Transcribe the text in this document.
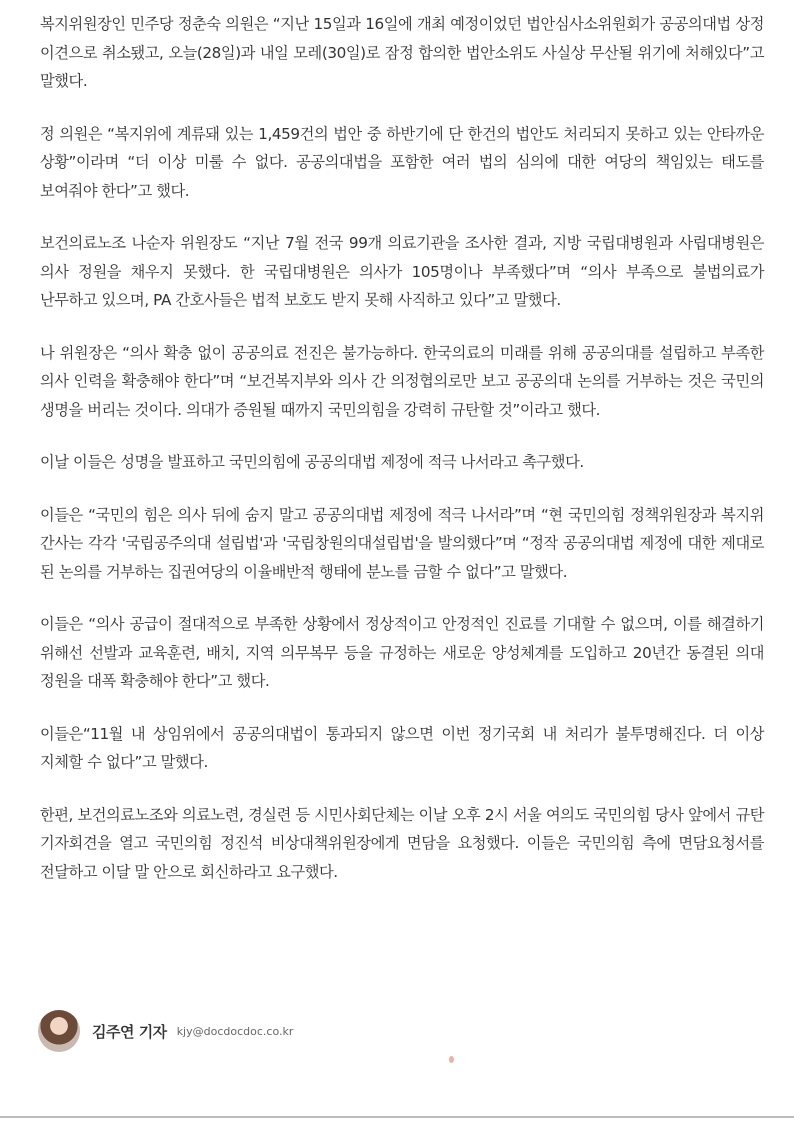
복지위원장인 민주당 정춘숙 의원은 “지난 15일과 16일에 개최 예정이었던 법안심사소위원회가 공공의대법 상정 이견으로 취소됐고, 오늘(28일)과 내일 모레(30일)로 잠정 합의한 법안소위도 사실상 무산될 위기에 처해있다”고 말했다.

정 의원은 “복지위에 계류돼 있는 1,459건의 법안 중 하반기에 단 한건의 법안도 처리되지 못하고 있는 안타까운 상황”이라며 “더 이상 미룰 수 없다. 공공의대법을 포함한 여러 법의 심의에 대한 여당의 책임있는 태도를 보여줘야 한다”고 했다.

보건의료노조 나순자 위원장도 “지난 7월 전국 99개 의료기관을 조사한 결과, 지방 국립대병원과 사립대병원은 의사 정원을 채우지 못했다. 한 국립대병원은 의사가 105명이나 부족했다”며 “의사 부족으로 불법의료가 난무하고 있으며, PA 간호사들은 법적 보호도 받지 못해 사직하고 있다”고 말했다.

나 위원장은 “의사 확충 없이 공공의료 전진은 불가능하다. 한국의료의 미래를 위해 공공의대를 설립하고 부족한 의사 인력을 확충해야 한다”며 “보건복지부와 의사 간 의정협의로만 보고 공공의대 논의를 거부하는 것은 국민의 생명을 버리는 것이다. 의대가 증원될 때까지 국민의힘을 강력히 규탄할 것”이라고 했다.

이날 이들은 성명을 발표하고 국민의힘에 공공의대법 제정에 적극 나서라고 촉구했다.

이들은 “국민의 힘은 의사 뒤에 숨지 말고 공공의대법 제정에 적극 나서라”며 “현 국민의힘 정책위원장과 복지위 간사는 각각 '국립공주의대 설립법'과 '국립창원의대설립법'을 발의했다”며 “정작 공공의대법 제정에 대한 제대로 된 논의를 거부하는 집권여당의 이율배반적 행태에 분노를 금할 수 없다”고 말했다.

이들은 “의사 공급이 절대적으로 부족한 상황에서 정상적이고 안정적인 진료를 기대할 수 없으며, 이를 해결하기 위해선 선발과 교육훈련, 배치, 지역 의무복무 등을 규정하는 새로운 양성체계를 도입하고 20년간 동결된 의대 정원을 대폭 확충해야 한다”고 했다.

이들은“11월 내 상임위에서 공공의대법이 통과되지 않으면 이번 정기국회 내 처리가 불투명해진다. 더 이상 지체할 수 없다”고 말했다.

한편, 보건의료노조와 의료노련, 경실련 등 시민사회단체는 이날 오후 2시 서울 여의도 국민의힘 당사 앞에서 규탄 기자회견을 열고 국민의힘 정진석 비상대책위원장에게 면담을 요청했다. 이들은 국민의힘 측에 면담요청서를 전달하고 이달 말 안으로 회신하라고 요구했다.

김주연 기자 kjy@docdocdoc.co.kr
